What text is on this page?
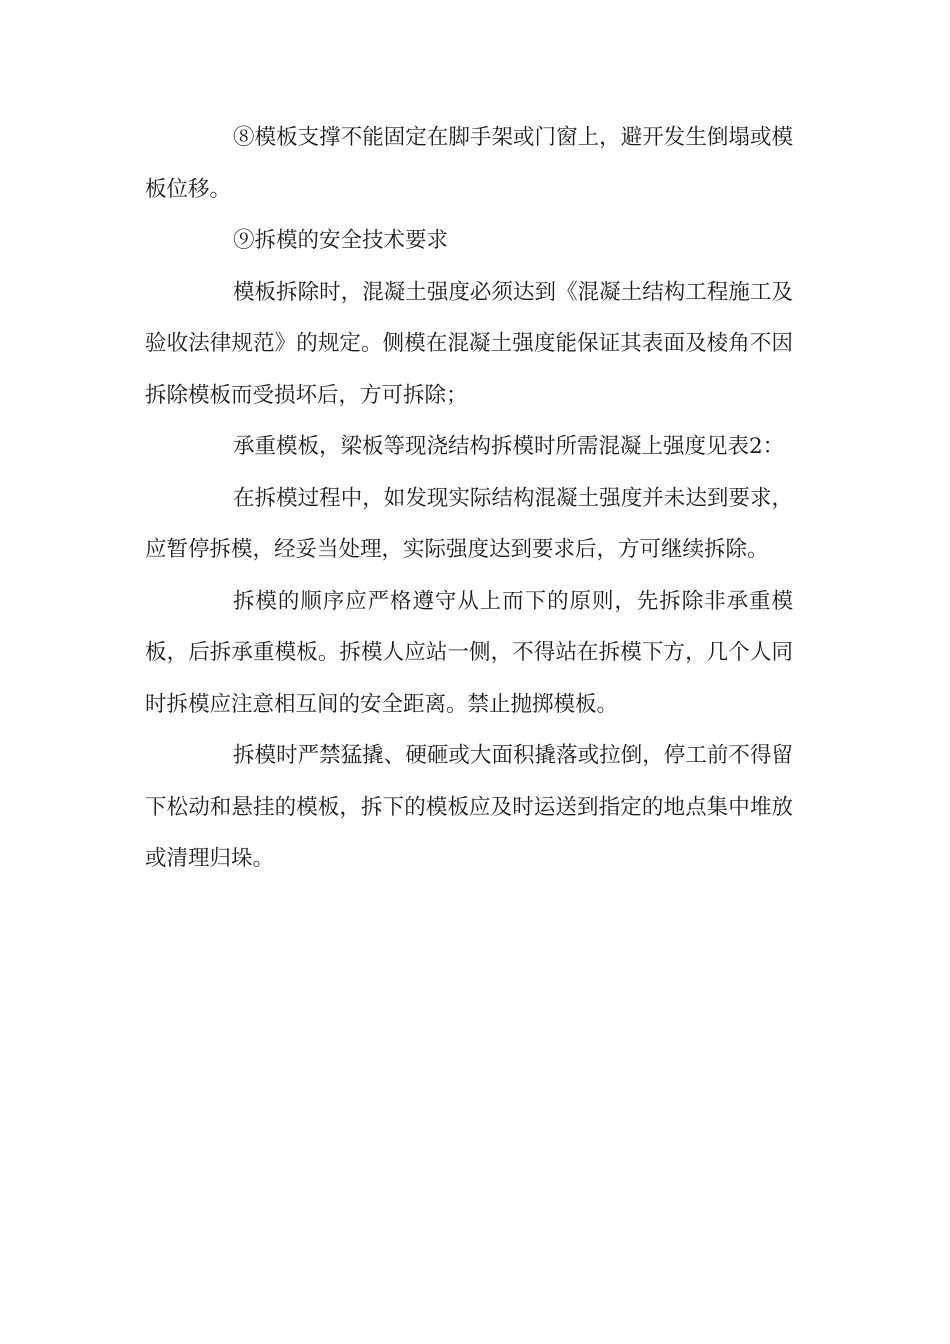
⑧模板支撑不能固定在脚手架或门窗上，避开发生倒塌或模板位移。

⑨拆模的安全技术要求

模板拆除时，混凝土强度必须达到《混凝土结构工程施工及验收法律规范》的规定。侧模在混凝土强度能保证其表面及棱角不因拆除模板而受损坏后，方可拆除；

承重模板，梁板等现浇结构拆模时所需混凝上强度见表2：

在拆模过程中，如发现实际结构混凝土强度并未达到要求，应暂停拆模，经妥当处理，实际强度达到要求后，方可继续拆除。

拆模的顺序应严格遵守从上而下的原则，先拆除非承重模板，后拆承重模板。拆模人应站一侧，不得站在拆模下方，几个人同时拆模应注意相互间的安全距离。禁止抛掷模板。

拆模时严禁猛撬、硬砸或大面积撬落或拉倒，停工前不得留下松动和悬挂的模板，拆下的模板应及时运送到指定的地点集中堆放或清理归垛。
